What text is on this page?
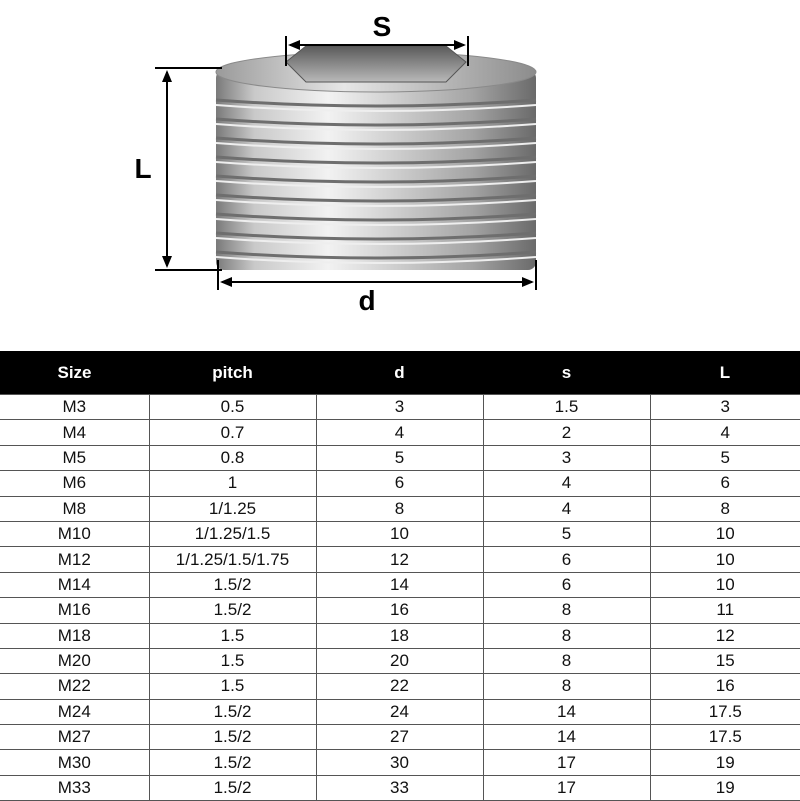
S
L
d
Size	pitch	d	s	L
M3	0.5	3	1.5	3
M4	0.7	4	2	4
M5	0.8	5	3	5
M6	1	6	4	6
M8	1/1.25	8	4	8
M10	1/1.25/1.5	10	5	10
M12	1/1.25/1.5/1.75	12	6	10
M14	1.5/2	14	6	10
M16	1.5/2	16	8	11
M18	1.5	18	8	12
M20	1.5	20	8	15
M22	1.5	22	8	16
M24	1.5/2	24	14	17.5
M27	1.5/2	27	14	17.5
M30	1.5/2	30	17	19
M33	1.5/2	33	17	19
